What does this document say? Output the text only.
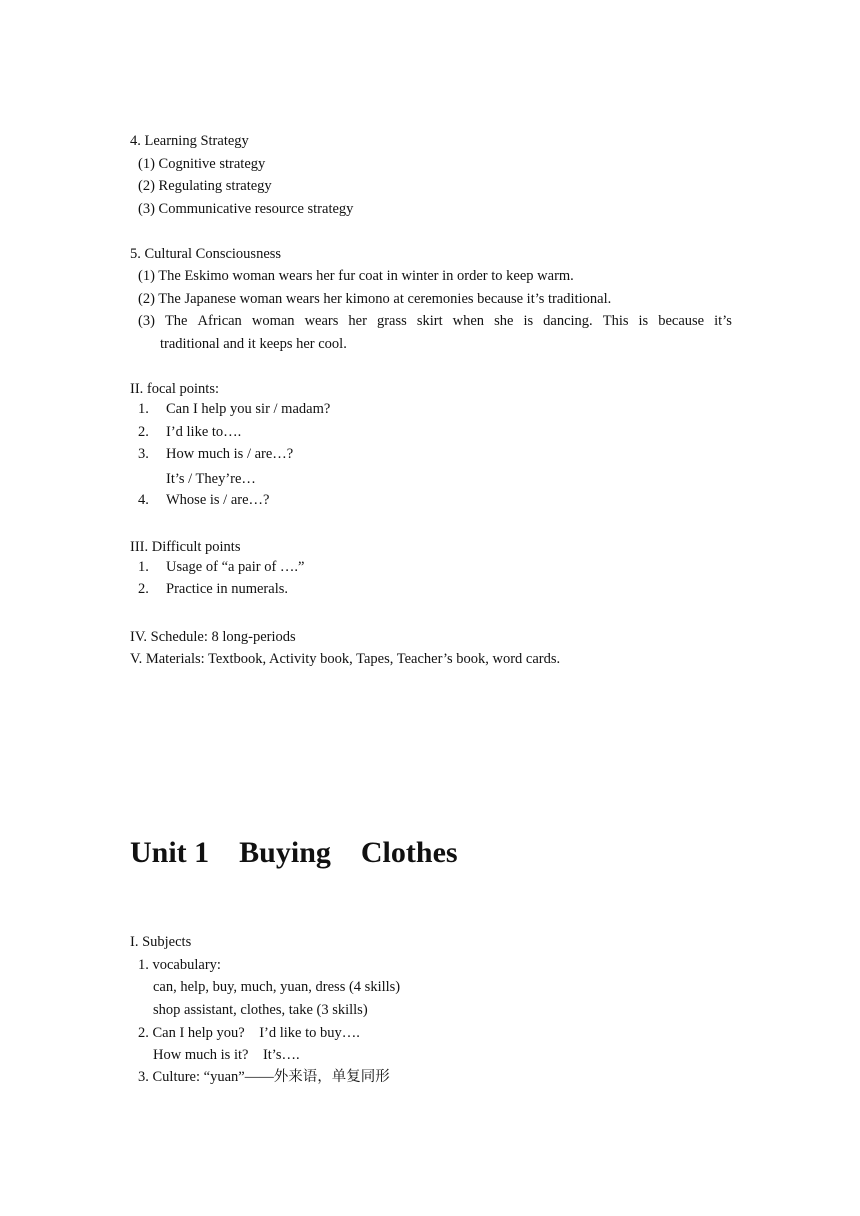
4. Learning Strategy
(1) Cognitive strategy
(2) Regulating strategy
(3) Communicative resource strategy
5. Cultural Consciousness
(1) The Eskimo woman wears her fur coat in winter in order to keep warm.
(2) The Japanese woman wears her kimono at ceremonies because it’s traditional.
(3) The African woman wears her grass skirt when she is dancing. This is because it’s
traditional and it keeps her cool.
II. focal points:
1. Can I help you sir / madam?
2. I’d like to….
3. How much is / are…?
It’s / They’re…
4. Whose is / are…?
III. Difficult points
1. Usage of “a pair of ….”
2. Practice in numerals.
IV. Schedule: 8 long-periods
V. Materials: Textbook, Activity book, Tapes, Teacher’s book, word cards.
Unit 1    Buying    Clothes
I. Subjects
1. vocabulary:
can, help, buy, much, yuan, dress (4 skills)
shop assistant, clothes, take (3 skills)
2. Can I help you?    I’d like to buy….
How much is it?    It’s….
3. Culture: “yuan”——外来语，单复同形
